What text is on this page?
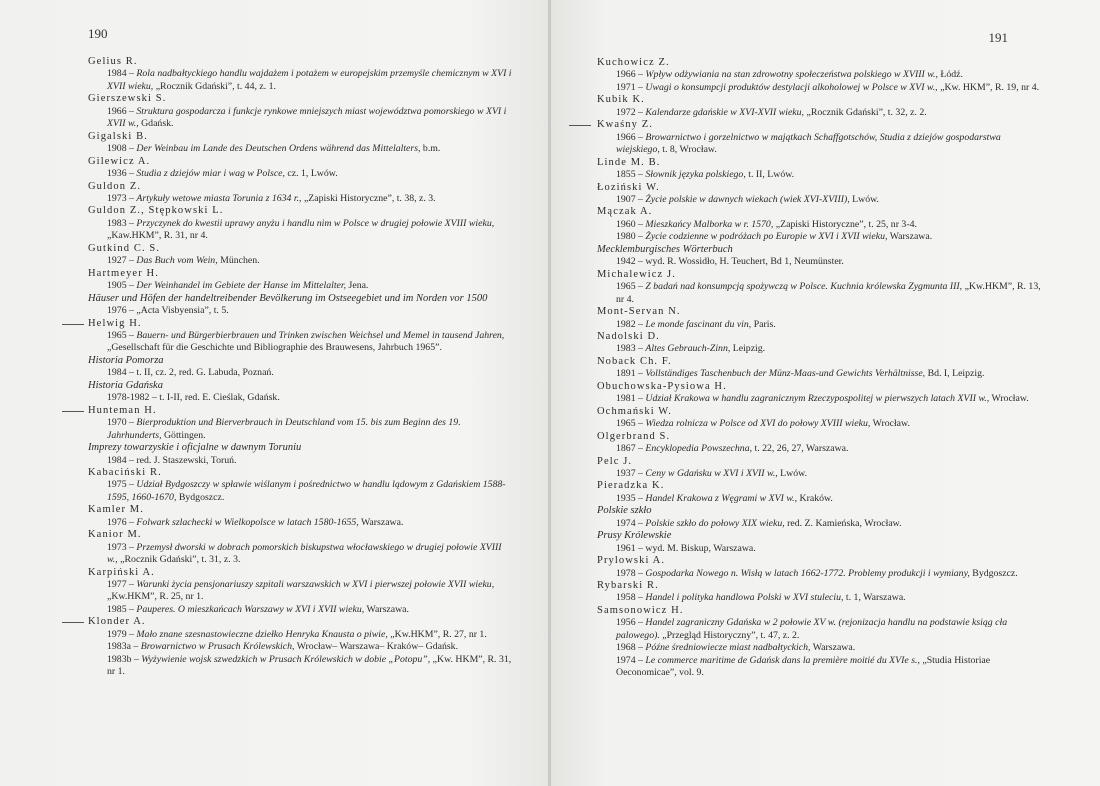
190
Gelius R.
1984 – Rola nadbałtyckiego handlu wajdażem i potażem w europejskim przemyśle chemicznym w XVI i XVII wieku, „Rocznik Gdański”, t. 44, z. 1.
Gierszewski S.
1966 – Struktura gospodarcza i funkcje rynkowe mniejszych miast województwa pomorskiego w XVI i XVII w., Gdańsk.
Gigalski B.
1908 – Der Weinbau im Lande des Deutschen Ordens während das Mittelalters, b.m.
Gilewicz A.
1936 – Studia z dziejów miar i wag w Polsce, cz. 1, Lwów.
Guldon Z.
1973 – Artykuły wetowe miasta Torunia z 1634 r., „Zapiski Historyczne”, t. 38, z. 3.
Guldon Z., Stępkowski L.
1983 – Przyczynek do kwestii uprawy anyżu i handlu nim w Polsce w drugiej połowie XVIII wieku, „Kaw.HKM”, R. 31, nr 4.
Gutkind C. S.
1927 – Das Buch vom Wein, München.
Hartmeyer H.
1905 – Der Weinhandel im Gebiete der Hanse im Mittelalter, Jena.
Häuser und Höfen der handeltreibender Bevölkerung im Ostseegebiet und im Norden vor 1500
1976 – „Acta Visbyensia”, t. 5.
Helwig H.
1965 – Bauern- und Bürgerbierbrauen und Trinken zwischen Weichsel und Memel in tausend Jahren, „Gesellschaft für die Geschichte und Bibliographie des Brauwesens, Jahrbuch 1965”.
Historia Pomorza
1984 – t. II, cz. 2, red. G. Labuda, Poznań.
Historia Gdańska
1978-1982 – t. I-II, red. E. Cieślak, Gdańsk.
Hunteman H.
1970 – Bierproduktion und Bierverbrauch in Deutschland vom 15. bis zum Beginn des 19. Jahrhunderts, Göttingen.
Imprezy towarzyskie i oficjalne w dawnym Toruniu
1984 – red. J. Staszewski, Toruń.
Kabaciński R.
1975 – Udział Bydgoszczy w spławie wiślanym i pośrednictwo w handlu lądowym z Gdańskiem 1588-1595, 1660-1670, Bydgoszcz.
Kamler M.
1976 – Folwark szlachecki w Wielkopolsce w latach 1580-1655, Warszawa.
Kanior M.
1973 – Przemysł dworski w dobrach pomorskich biskupstwa włocławskiego w drugiej połowie XVIII w., „Rocznik Gdański”, t. 31, z. 3.
Karpiński A.
1977 – Warunki życia pensjonariuszy szpitali warszawskich w XVI i pierwszej połowie XVII wieku, „Kw.HKM”, R. 25, nr 1.
1985 – Pauperes. O mieszkańcach Warszawy w XVI i XVII wieku, Warszawa.
Klonder A.
1979 – Mało znane szesnastowieczne dziełko Henryka Knausta o piwie, „Kw.HKM”, R. 27, nr 1.
1983a – Browarnictwo w Prusach Królewskich, Wrocław– Warszawa– Kraków– Gdańsk.
1983b – Wyżywienie wojsk szwedzkich w Prusach Królewskich w dobie „Potopu”, „Kw. HKM”, R. 31, nr 1.
191
Kuchowicz Z.
1966 – Wpływ odżywiania na stan zdrowotny społeczeństwa polskiego w XVIII w., Łódź.
1971 – Uwagi o konsumpcji produktów destylacji alkoholowej w Polsce w XVI w., „Kw. HKM”, R. 19, nr 4.
Kubik K.
1972 – Kalendarze gdańskie w XVI-XVII wieku, „Rocznik Gdański”, t. 32, z. 2.
Kwaśny Z.
1966 – Browarnictwo i gorzelnictwo w majątkach Schaffgotschów, Studia z dziejów gospodarstwa wiejskiego, t. 8, Wrocław.
Linde M. B.
1855 – Słownik języka polskiego, t. II, Lwów.
Łoziński W.
1907 – Życie polskie w dawnych wiekach (wiek XVI-XVIII), Lwów.
Mączak A.
1960 – Mieszkańcy Malborka w r. 1570, „Zapiski Historyczne”, t. 25, nr 3-4.
1980 – Życie codzienne w podróżach po Europie w XVI i XVII wieku, Warszawa.
Mecklemburgisches Wörterbuch
1942 – wyd. R. Wossidło, H. Teuchert, Bd 1, Neumünster.
Michalewicz J.
1965 – Z badań nad konsumpcją spożywczą w Polsce. Kuchnia królewska Zygmunta III, „Kw.HKM”, R. 13, nr 4.
Mont-Servan N.
1982 – Le monde fascinant du vin, Paris.
Nadolski D.
1983 – Altes Gebrauch-Zinn, Leipzig.
Noback Ch. F.
1891 – Vollständiges Taschenbuch der Münz-Maas-und Gewichts Verhältnisse, Bd. I, Leipzig.
Obuchowska-Pysiowa H.
1981 – Udział Krakowa w handlu zagranicznym Rzeczypospolitej w pierwszych latach XVII w., Wrocław.
Ochmański W.
1965 – Wiedza rolnicza w Polsce od XVI do połowy XVIII wieku, Wrocław.
Olgerbrand S.
1867 – Encyklopedia Powszechna, t. 22, 26, 27, Warszawa.
Pelc J.
1937 – Ceny w Gdańsku w XVI i XVII w., Lwów.
Pieradzka K.
1935 – Handel Krakowa z Węgrami w XVI w., Kraków.
Polskie szkło
1974 – Polskie szkło do połowy XIX wieku, red. Z. Kamieńska, Wrocław.
Prusy Królewskie
1961 – wyd. M. Biskup, Warszawa.
Prylowski A.
1978 – Gospodarka Nowego n. Wisłą w latach 1662-1772. Problemy produkcji i wymiany, Bydgoszcz.
Rybarski R.
1958 – Handel i polityka handlowa Polski w XVI stuleciu, t. 1, Warszawa.
Samsonowicz H.
1956 – Handel zagraniczny Gdańska w 2 połowie XV w. (rejonizacja handlu na podstawie ksiąg cła palowego). „Przegląd Historyczny”, t. 47, z. 2.
1968 – Późne średniowiecze miast nadbałtyckich, Warszawa.
1974 – Le commerce maritime de Gdańsk dans la première moitié du XVIe s., „Studia Historiae Oeconomicae”, vol. 9.
